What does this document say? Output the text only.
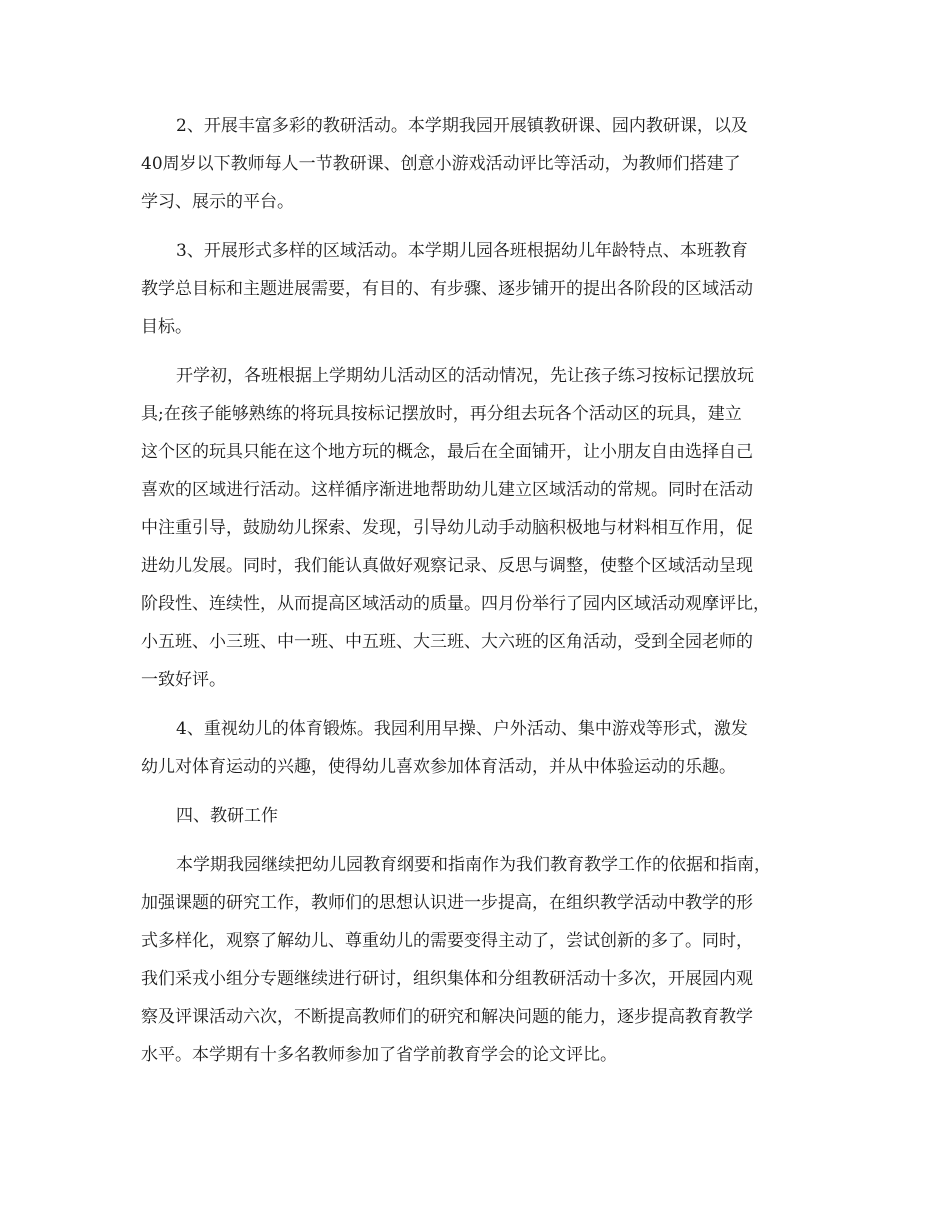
2、开展丰富多彩的教研活动。本学期我园开展镇教研课、园内教研课，以及
40周岁以下教师每人一节教研课、创意小游戏活动评比等活动，为教师们搭建了
学习、展示的平台。
3、开展形式多样的区域活动。本学期儿园各班根据幼儿年龄特点、本班教育
教学总目标和主题进展需要，有目的、有步骤、逐步铺开的提出各阶段的区域活动
目标。
开学初，各班根据上学期幼儿活动区的活动情况，先让孩子练习按标记摆放玩
具;在孩子能够熟练的将玩具按标记摆放时，再分组去玩各个活动区的玩具，建立
这个区的玩具只能在这个地方玩的概念，最后在全面铺开，让小朋友自由选择自己
喜欢的区域进行活动。这样循序渐进地帮助幼儿建立区域活动的常规。同时在活动
中注重引导，鼓励幼儿探索、发现，引导幼儿动手动脑积极地与材料相互作用，促
进幼儿发展。同时，我们能认真做好观察记录、反思与调整，使整个区域活动呈现
阶段性、连续性，从而提高区域活动的质量。四月份举行了园内区域活动观摩评比，
小五班、小三班、中一班、中五班、大三班、大六班的区角活动，受到全园老师的
一致好评。
4、重视幼儿的体育锻炼。我园利用早操、户外活动、集中游戏等形式，激发
幼儿对体育运动的兴趣，使得幼儿喜欢参加体育活动，并从中体验运动的乐趣。
四、教研工作
本学期我园继续把幼儿园教育纲要和指南作为我们教育教学工作的依据和指南，
加强课题的研究工作，教师们的思想认识进一步提高，在组织教学活动中教学的形
式多样化，观察了解幼儿、尊重幼儿的需要变得主动了，尝试创新的多了。同时，
我们采戎小组分专题继续进行研讨，组织集体和分组教研活动十多次，开展园内观
察及评课活动六次，不断提高教师们的研究和解决问题的能力，逐步提高教育教学
水平。本学期有十多名教师参加了省学前教育学会的论文评比。
